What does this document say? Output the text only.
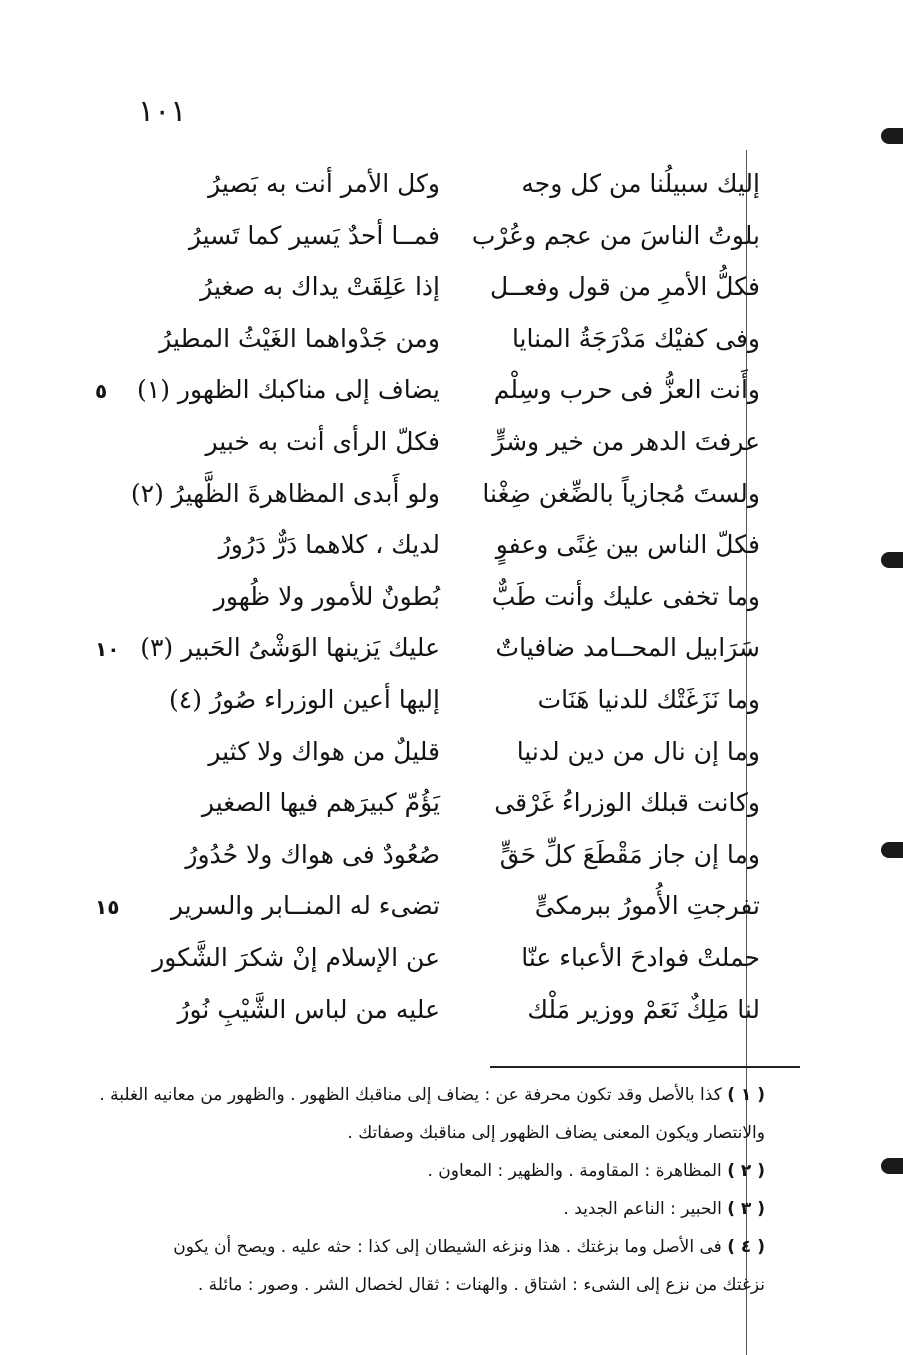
١٠١
إليك سبيلُنا من كل وجه
وكل الأمر أنت به بَصيرُ
بلوتُ الناسَ من عجم وعُرْب
فمــا أحدٌ يَسير كما تَسيرُ
فكلُّ الأمرِ من قول وفعــل
إذا عَلِقَتْ يداك به صغيرُ
وفى كفيْك مَدْرَجَةُ المنايا
ومن جَدْواهما الغَيْثُ المطيرُ
وأَنت العزُّ فى حرب وسِلْم
يضاف إلى مناكبك الظهور (١)
عرفتَ الدهر من خير وشرٍّ
فكلّ الرأى أنت به خبير
ولستَ مُجازياً بالضِّغن ضِغْنا
ولو أَبدى المظاهرةَ الظَّهيرُ (٢)
فكلّ الناس بين غِنًى وعفوٍ
لديك ، كلاهما دَرٌّ دَرُورُ
وما تخفى عليك وأنت طَبٌّ
بُطونٌ للأمور ولا ظُهور
سَرَابيل المحــامد ضافياتٌ
عليك يَزينها الوَشْىُ الحَبير (٣)
وما نَزَغَتْك للدنيا هَنَات
إليها أعين الوزراء صُورُ (٤)
وما إن نال من دين لدنيا
قليلٌ من هواك ولا كثير
وكانت قبلك الوزراءُ غَرْقى
يَؤُمّ كبيرَهم فيها الصغير
وما إن جاز مَقْطَعَ كلِّ حَقٍّ
صُعُودٌ فى هواك ولا حُدُورُ
تفرجتِ الأُمورُ ببرمكىٍّ
تضىء له المنــابر والسرير
حملتْ فوادحَ الأعباء عنّا
عن الإسلام إنْ شكرَ الشَّكور
لنا مَلِكٌ نَعَمْ ووزير مَلْك
عليه من لباس الشَّيْبِ نُورُ
( ١ ) كذا بالأصل وقد تكون محرفة عن : يضاف إلى مناقبك الظهور . والظهور من معانيه الغلبة .
والانتصار ويكون المعنى يضاف الظهور إلى مناقبك وصفاتك .
( ٢ ) المظاهرة : المقاومة . والظهير : المعاون .
( ٣ ) الحبير : الناعم الجديد .
( ٤ ) فى الأصل وما بزغتك . هذا ونزغه الشيطان إلى كذا : حثه عليه . ويصح أن يكون
نزغتك من نزع إلى الشىء : اشتاق . والهنات : ثقال لخصال الشر . وصور : مائلة .
٥
١٠
١٥
